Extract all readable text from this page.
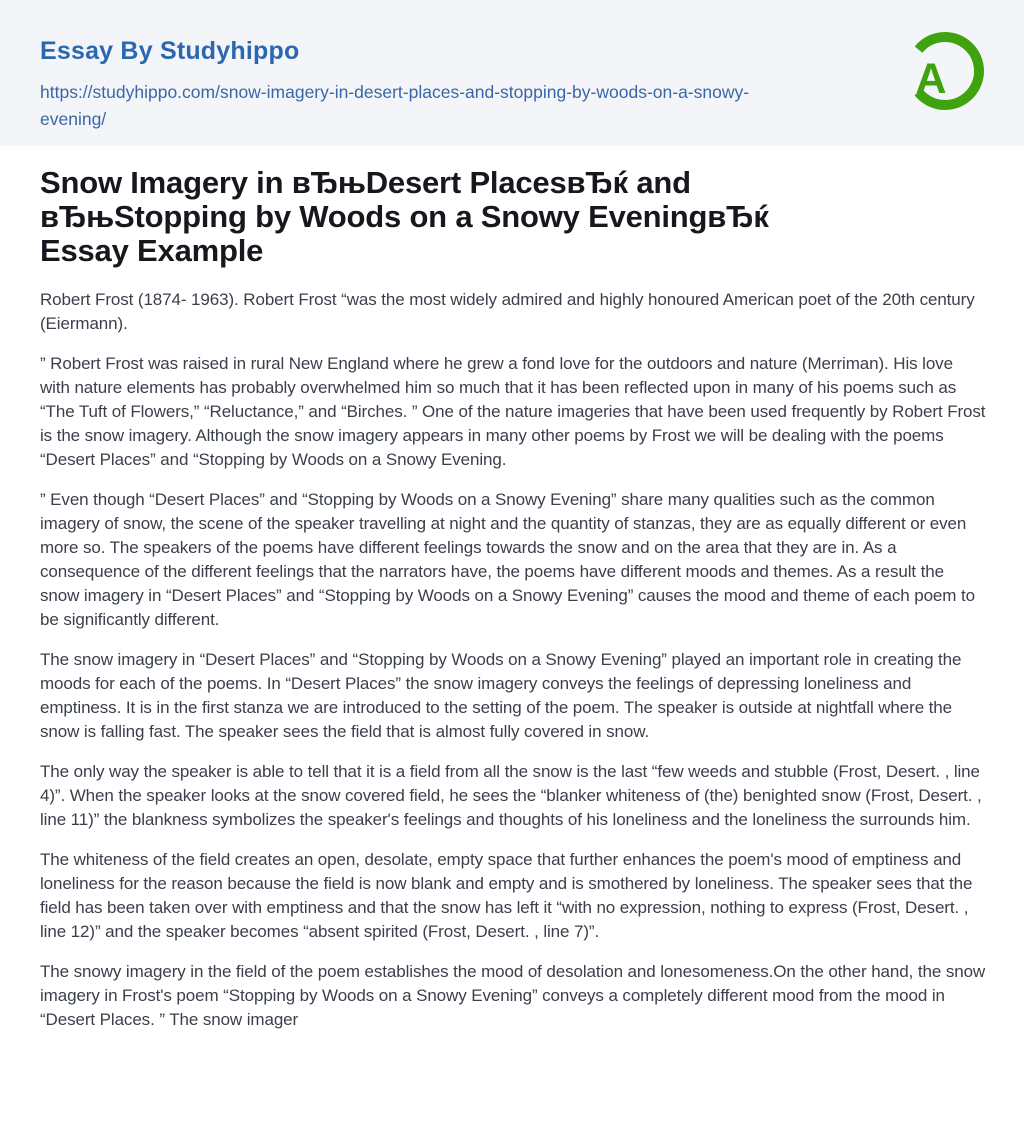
Essay By Studyhippo
https://studyhippo.com/snow-imagery-in-desert-places-and-stopping-by-woods-on-a-snowy-evening/
A
Snow Imagery in вЂњDesert PlacesвЂќ and
вЂњStopping by Woods on a Snowy EveningвЂќ
Essay Example

Robert Frost (1874- 1963). Robert Frost “was the most widely admired and highly honoured American poet of the 20th century (Eiermann).

” Robert Frost was raised in rural New England where he grew a fond love for the outdoors and nature (Merriman). His love with nature elements has probably overwhelmed him so much that it has been reflected upon in many of his poems such as “The Tuft of Flowers,” “Reluctance,” and “Birches. ” One of the nature imageries that have been used frequently by Robert Frost is the snow imagery. Although the snow imagery appears in many other poems by Frost we will be dealing with the poems “Desert Places” and “Stopping by Woods on a Snowy Evening.

” Even though “Desert Places” and “Stopping by Woods on a Snowy Evening” share many qualities such as the common imagery of snow, the scene of the speaker travelling at night and the quantity of stanzas, they are as equally different or even more so. The speakers of the poems have different feelings towards the snow and on the area that they are in. As a consequence of the different feelings that the narrators have, the poems have different moods and themes. As a result the snow imagery in “Desert Places” and “Stopping by Woods on a Snowy Evening” causes the mood and theme of each poem to be significantly different.

The snow imagery in “Desert Places” and “Stopping by Woods on a Snowy Evening” played an important role in creating the moods for each of the poems. In “Desert Places” the snow imagery conveys the feelings of depressing loneliness and emptiness. It is in the first stanza we are introduced to the setting of the poem. The speaker is outside at nightfall where the snow is falling fast. The speaker sees the field that is almost fully covered in snow.

The only way the speaker is able to tell that it is a field from all the snow is the last “few weeds and stubble (Frost, Desert. , line 4)”. When the speaker looks at the snow covered field, he sees the “blanker whiteness of (the) benighted snow (Frost, Desert. , line 11)” the blankness symbolizes the speaker's feelings and thoughts of his loneliness and the loneliness the surrounds him.

The whiteness of the field creates an open, desolate, empty space that further enhances the poem's mood of emptiness and loneliness for the reason because the field is now blank and empty and is smothered by loneliness. The speaker sees that the field has been taken over with emptiness and that the snow has left it “with no expression, nothing to express (Frost, Desert. , line 12)” and the speaker becomes “absent spirited (Frost, Desert. , line 7)”.

The snowy imagery in the field of the poem establishes the mood of desolation and lonesomeness.On the other hand, the snow imagery in Frost's poem “Stopping by Woods on a Snowy Evening” conveys a completely different mood from the mood in “Desert Places. ” The snow imager
